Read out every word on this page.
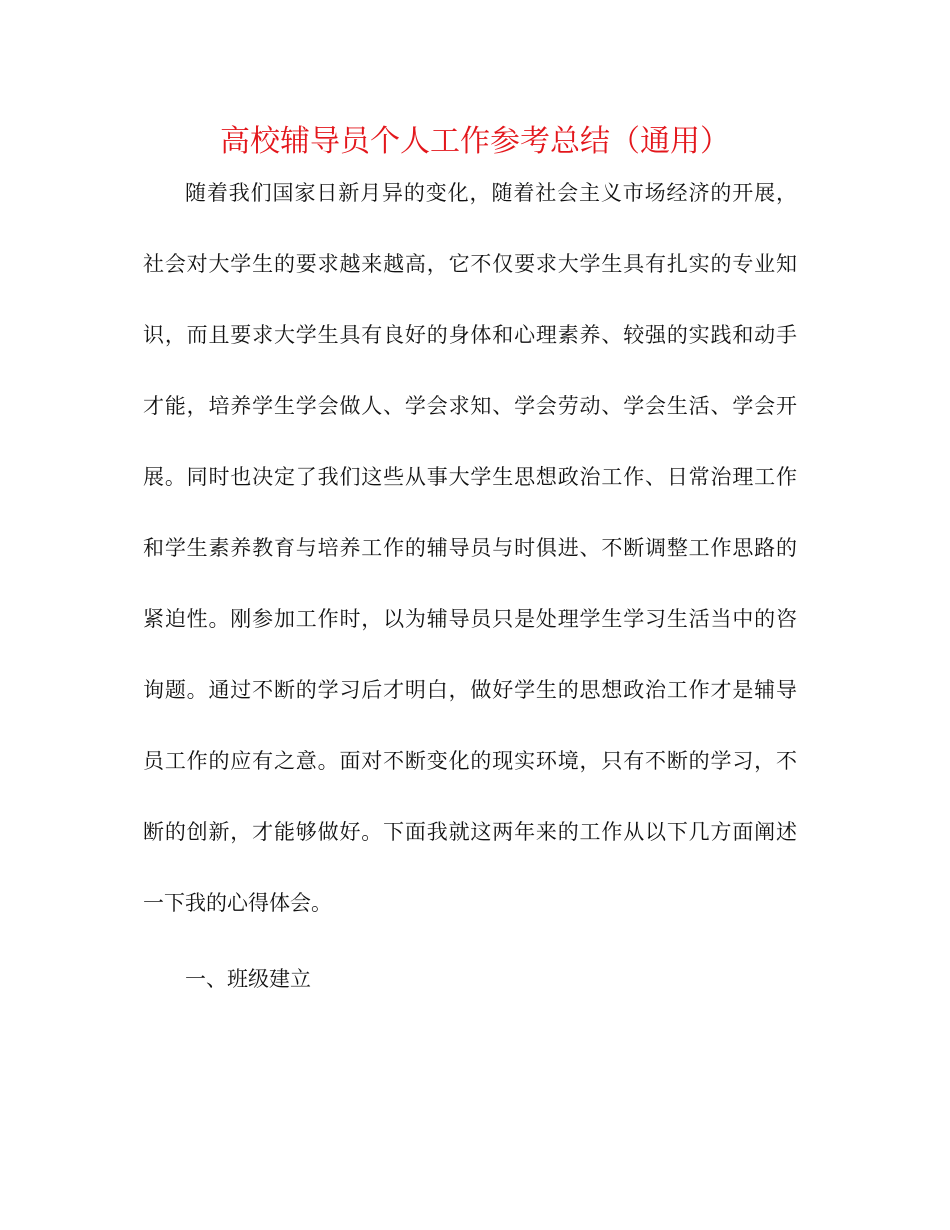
高校辅导员个人工作参考总结（通用）
随着我们国家日新月异的变化，随着社会主义市场经济的开展，
社会对大学生的要求越来越高，它不仅要求大学生具有扎实的专业知
识，而且要求大学生具有良好的身体和心理素养、较强的实践和动手
才能，培养学生学会做人、学会求知、学会劳动、学会生活、学会开
展。同时也决定了我们这些从事大学生思想政治工作、日常治理工作
和学生素养教育与培养工作的辅导员与时俱进、不断调整工作思路的
紧迫性。刚参加工作时，以为辅导员只是处理学生学习生活当中的咨
询题。通过不断的学习后才明白，做好学生的思想政治工作才是辅导
员工作的应有之意。面对不断变化的现实环境，只有不断的学习，不
断的创新，才能够做好。下面我就这两年来的工作从以下几方面阐述
一下我的心得体会。
一、班级建立
